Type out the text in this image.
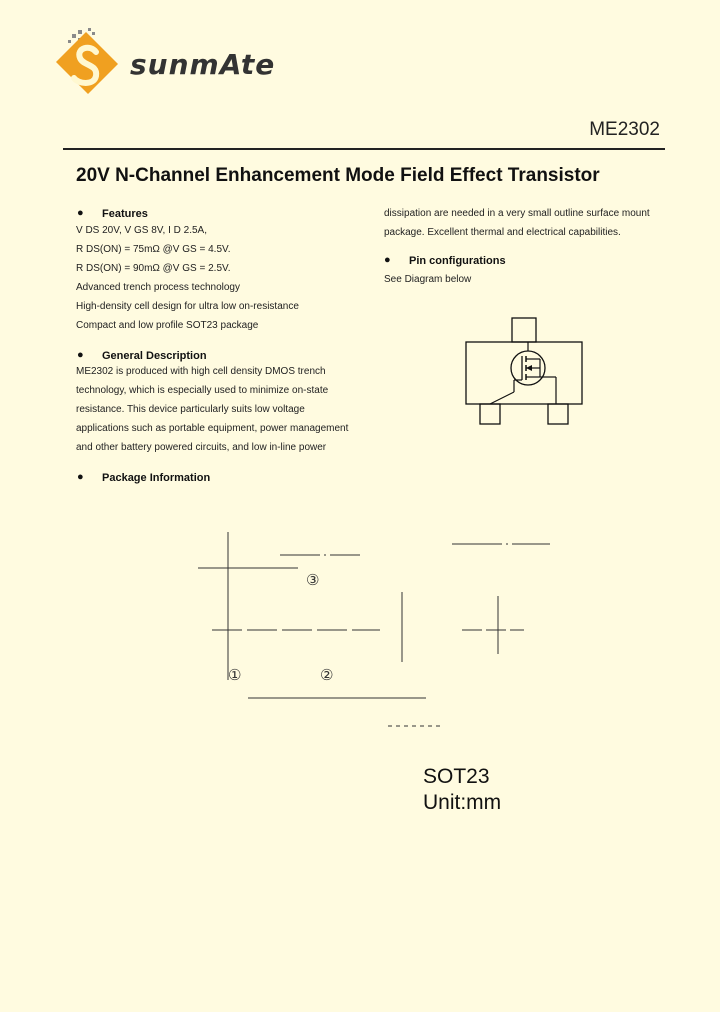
sunmAte
ME2302
20V N-Channel Enhancement Mode Field Effect Transistor
● Features
V DS 20V, V GS 8V, I D 2.5A,
R DS(ON) = 75mΩ @V GS = 4.5V.
R DS(ON) = 90mΩ @V GS = 2.5V.
Advanced trench process technology
High-density cell design for ultra low on-resistance
Compact and low profile SOT23 package
● General Description
ME2302 is produced with high cell density DMOS trench
technology, which is especially used to minimize on-state
resistance. This device particularly suits low voltage
applications such as portable equipment, power management
and other battery powered circuits, and low in-line power
● Package Information
dissipation are needed in a very small outline surface mount
package. Excellent thermal and electrical capabilities.
● Pin configurations
See Diagram below
③
①	②
SOT23
Unit:mm
